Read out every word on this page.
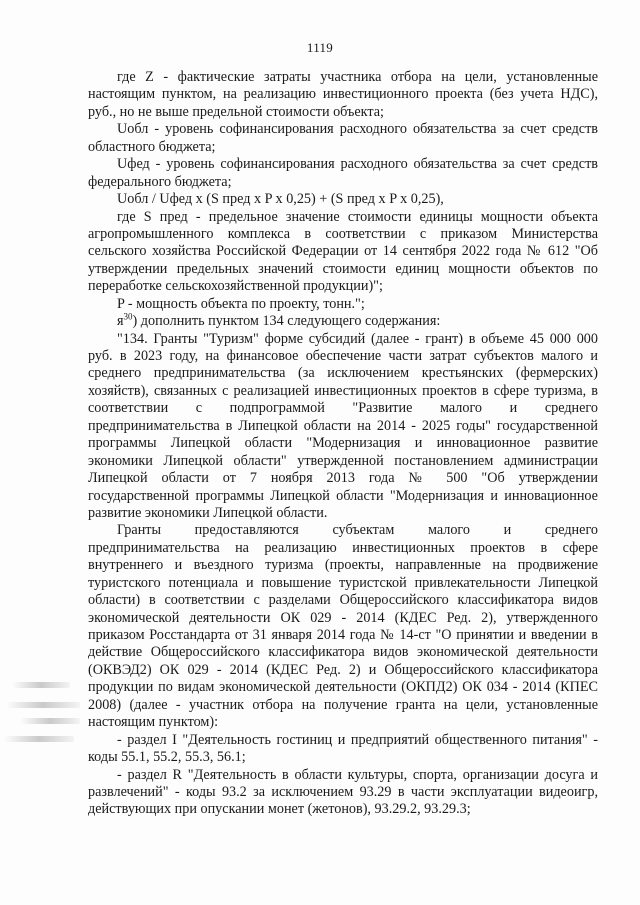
1119
где Z - фактические затраты участника отбора на цели, установленные
настоящим пунктом, на реализацию инвестиционного проекта (без учета НДС),
руб., но не выше предельной стоимости объекта;
Uобл - уровень софинансирования расходного обязательства за счет средств
областного бюджета;
Uфед - уровень софинансирования расходного обязательства за счет средств
федерального бюджета;
Uобл / Uфед x (S пред x P x 0,25) + (S пред x P x 0,25),
где S пред - предельное значение стоимости единицы мощности объекта
агропромышленного комплекса в соответствии с приказом Министерства
сельского хозяйства Российской Федерации от 14 сентября 2022 года № 612 "Об
утверждении предельных значений стоимости единиц мощности объектов по
переработке сельскохозяйственной продукции)";
P - мощность объекта по проекту, тонн.";
$я^{30}$) дополнить пунктом 134 следующего содержания:
"134. Гранты "Туризм" форме субсидий (далее - грант) в объеме 45 000 000
руб. в 2023 году, на финансовое обеспечение части затрат субъектов малого и
среднего предпринимательства (за исключением крестьянских (фермерских)
хозяйств), связанных с реализацией инвестиционных проектов в сфере туризма, в
соответствии с подпрограммой "Развитие малого и среднего
предпринимательства в Липецкой области на 2014 - 2025 годы" государственной
программы Липецкой области "Модернизация и инновационное развитие
экономики Липецкой области" утвержденной постановлением администрации
Липецкой области от 7 ноября 2013 года № 500 "Об утверждении
государственной программы Липецкой области "Модернизация и инновационное
развитие экономики Липецкой области.
Гранты предоставляются субъектам малого и среднего
предпринимательства на реализацию инвестиционных проектов в сфере
внутреннего и въездного туризма (проекты, направленные на продвижение
туристского потенциала и повышение туристской привлекательности Липецкой
области) в соответствии с разделами Общероссийского классификатора видов
экономической деятельности ОК 029 - 2014 (КДЕС Ред. 2), утвержденного
приказом Росстандарта от 31 января 2014 года № 14-ст "О принятии и введении в
действие Общероссийского классификатора видов экономической деятельности
(ОКВЭД2) ОК 029 - 2014 (КДЕС Ред. 2) и Общероссийского классификатора
продукции по видам экономической деятельности (ОКПД2) ОК 034 - 2014 (КПЕС
2008) (далее - участник отбора на получение гранта на цели, установленные
настоящим пунктом):
- раздел I "Деятельность гостиниц и предприятий общественного питания" -
коды 55.1, 55.2, 55.3, 56.1;
- раздел R "Деятельность в области культуры, спорта, организации досуга и
развлечений" - коды 93.2 за исключением 93.29 в части эксплуатации видеоигр,
действующих при опускании монет (жетонов), 93.29.2, 93.29.3;
